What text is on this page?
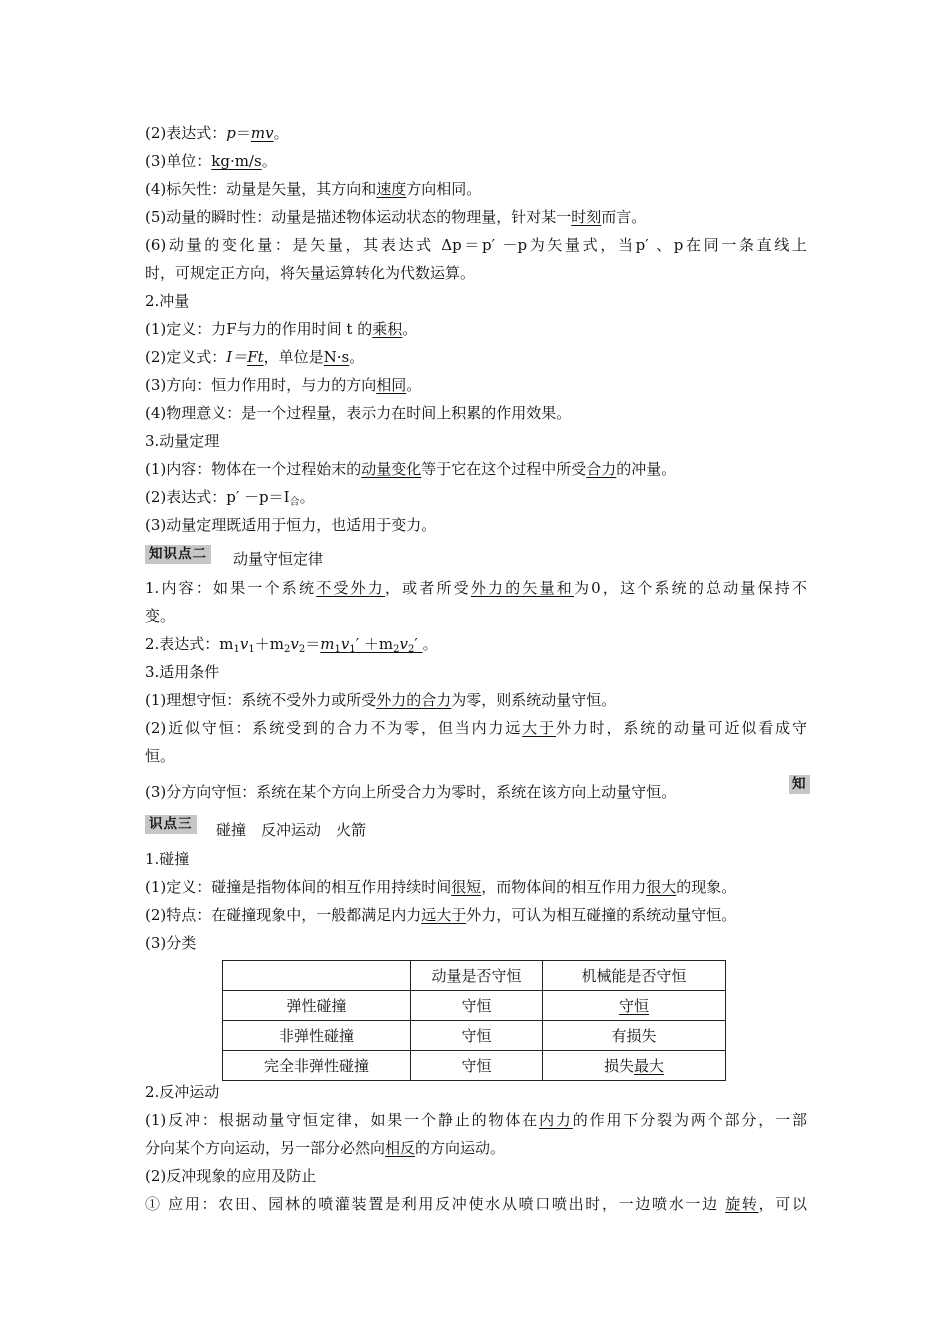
(2)表达式：p＝mv。
(3)单位：kg·m/s。
(4)标矢性：动量是矢量，其方向和速度方向相同。
(5)动量的瞬时性：动量是描述物体运动状态的物理量，针对某一时刻而言。
(6)动量的变化量：是矢量，其表达式 Δp＝p′ －p为矢量式，当p′ 、p在同一条直线上
时，可规定正方向，将矢量运算转化为代数运算。
2.冲量
(1)定义：力F与力的作用时间 t 的乘积。
(2)定义式：I＝Ft，单位是N·s。
(3)方向：恒力作用时，与力的方向相同。
(4)物理意义：是一个过程量，表示力在时间上积累的作用效果。
3.动量定理
(1)内容：物体在一个过程始末的动量变化等于它在这个过程中所受合力的冲量。
(2)表达式：$p' -p=I_合$。
(3)动量定理既适用于恒力，也适用于变力。
知识点二 动量守恒定律
1.内容：如果一个系统不受外力，或者所受外力的矢量和为0，这个系统的总动量保持不
变。
2.表达式：$m_1v_1+m_2v_2=m_1v_1' +m_2v_2'$ 。
3.适用条件
(1)理想守恒：系统不受外力或所受外力的合力为零，则系统动量守恒。
(2)近似守恒：系统受到的合力不为零，但当内力远大于外力时，系统的动量可近似看成守
恒。
(3)分方向守恒：系统在某个方向上所受合力为零时，系统在该方向上动量守恒。	知
识点三 碰撞　反冲运动　火箭
1.碰撞
(1)定义：碰撞是指物体间的相互作用持续时间很短，而物体间的相互作用力很大的现象。
(2)特点：在碰撞现象中，一般都满足内力远大于外力，可认为相互碰撞的系统动量守恒。
(3)分类
	动量是否守恒	机械能是否守恒
弹性碰撞	守恒	守恒
非弹性碰撞	守恒	有损失
完全非弹性碰撞	守恒	损失最大
2.反冲运动
(1)反冲：根据动量守恒定律，如果一个静止的物体在内力的作用下分裂为两个部分，一部
分向某个方向运动，另一部分必然向相反的方向运动。
(2)反冲现象的应用及防止
① 应用：农田、园林的喷灌装置是利用反冲使水从喷口喷出时，一边喷水一边 旋转，可以
